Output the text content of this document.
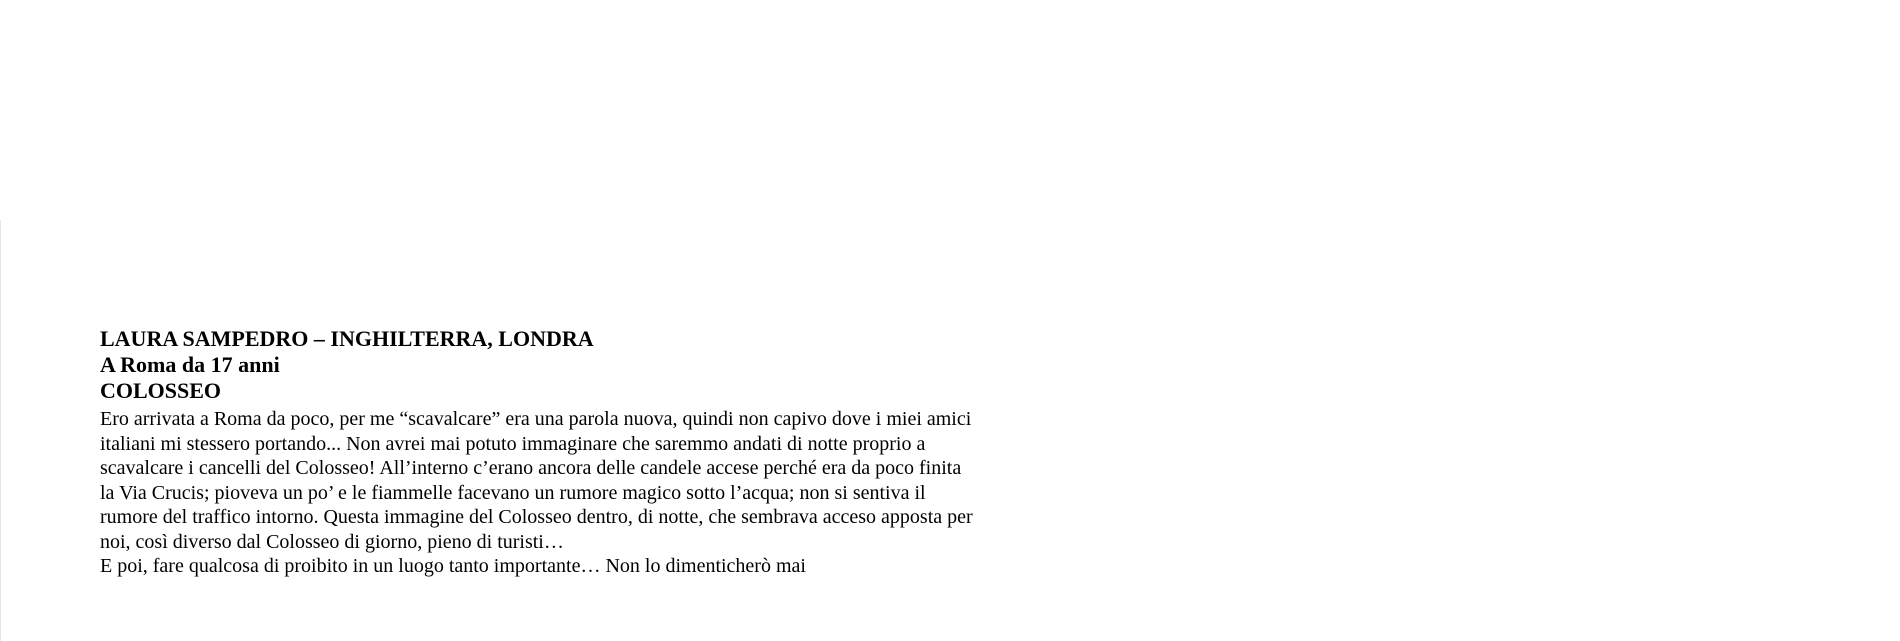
LAURA SAMPEDRO – INGHILTERRA, LONDRA

A Roma da 17 anni

COLOSSEO

Ero arrivata a Roma da poco, per me “scavalcare” era una parola nuova, quindi non capivo dove i miei amici
italiani mi stessero portando... Non avrei mai potuto immaginare che saremmo andati di notte proprio a
scavalcare i cancelli del Colosseo! All’interno c’erano ancora delle candele accese perché era da poco finita
la Via Crucis; pioveva un po’ e le fiammelle facevano un rumore magico sotto l’acqua; non si sentiva il
rumore del traffico intorno. Questa immagine del Colosseo dentro, di notte, che sembrava acceso apposta per
noi, così diverso dal Colosseo di giorno, pieno di turisti…
E poi, fare qualcosa di proibito in un luogo tanto importante… Non lo dimenticherò mai
